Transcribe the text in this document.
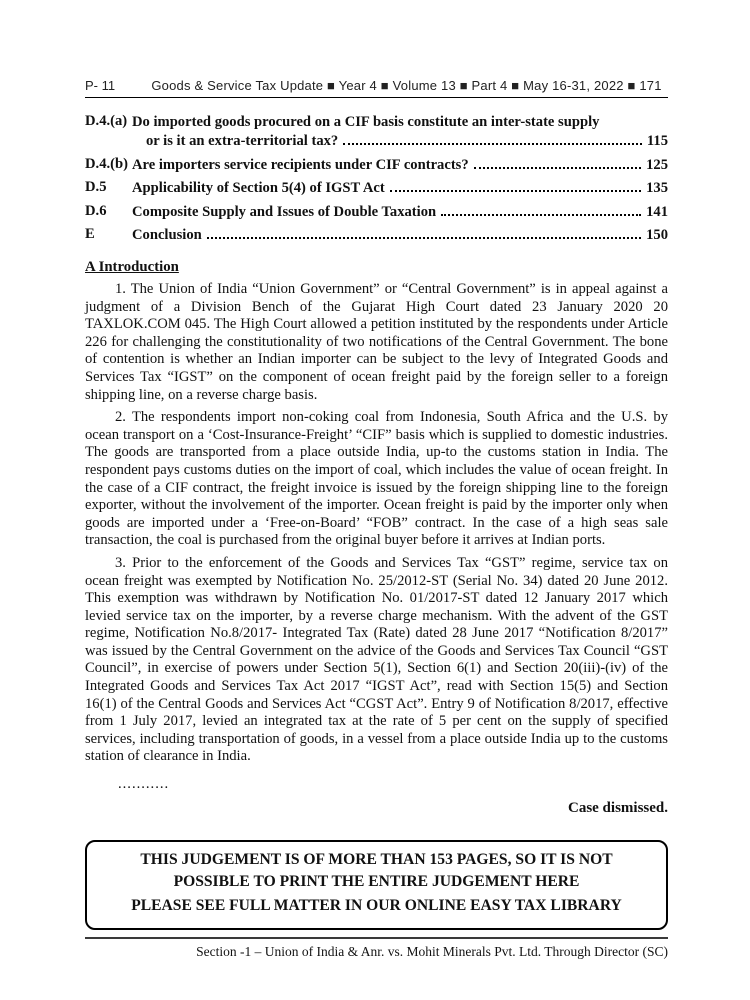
P- 11	Goods & Service Tax Update ■ Year 4 ■ Volume 13 ■ Part 4 ■ May 16-31, 2022 ■ 171
D.4.(a) Do imported goods procured on a CIF basis constitute an inter-state supply
or is it an extra-territorial tax?	115
D.4.(b) Are importers service recipients under CIF contracts?	125
D.5	Applicability of Section 5(4) of IGST Act	135
D.6	Composite Supply and Issues of Double Taxation	141
E	Conclusion	150
A Introduction

1. The Union of India “Union Government” or “Central Government” is in appeal against a judgment of a Division Bench of the Gujarat High Court dated 23 January 2020 20 TAXLOK.COM 045. The High Court allowed a petition instituted by the respondents under Article 226 for challenging the constitutionality of two notifications of the Central Government. The bone of contention is whether an Indian importer can be subject to the levy of Integrated Goods and Services Tax “IGST” on the component of ocean freight paid by the foreign seller to a foreign shipping line, on a reverse charge basis.

2. The respondents import non-coking coal from Indonesia, South Africa and the U.S. by ocean transport on a ‘Cost-Insurance-Freight’ “CIF” basis which is supplied to domestic industries. The goods are transported from a place outside India, up-to the customs station in India. The respondent pays customs duties on the import of coal, which includes the value of ocean freight. In the case of a CIF contract, the freight invoice is issued by the foreign shipping line to the foreign exporter, without the involvement of the importer. Ocean freight is paid by the importer only when goods are imported under a ‘Free-on-Board’ “FOB” contract. In the case of a high seas sale transaction, the coal is purchased from the original buyer before it arrives at Indian ports.

3. Prior to the enforcement of the Goods and Services Tax “GST” regime, service tax on ocean freight was exempted by Notification No. 25/2012-ST (Serial No. 34) dated 20 June 2012. This exemption was withdrawn by Notification No. 01/2017-ST dated 12 January 2017 which levied service tax on the importer, by a reverse charge mechanism. With the advent of the GST regime, Notification No.8/2017- Integrated Tax (Rate) dated 28 June 2017 “Notification 8/2017” was issued by the Central Government on the advice of the Goods and Services Tax Council “GST Council”, in exercise of powers under Section 5(1), Section 6(1) and Section 20(iii)-(iv) of the Integrated Goods and Services Tax Act 2017 “IGST Act”, read with Section 15(5) and Section 16(1) of the Central Goods and Services Act “CGST Act”. Entry 9 of Notification 8/2017, effective from 1 July 2017, levied an integrated tax at the rate of 5 per cent on the supply of specified services, including transportation of goods, in a vessel from a place outside India up to the customs station of clearance in India.

...........
Case dismissed.
THIS JUDGEMENT IS OF MORE THAN 153 PAGES, SO IT IS NOT
POSSIBLE TO PRINT THE ENTIRE JUDGEMENT HERE
PLEASE SEE FULL MATTER IN OUR ONLINE EASY TAX LIBRARY
Section -1 – Union of India & Anr. vs. Mohit Minerals Pvt. Ltd. Through Director (SC)
